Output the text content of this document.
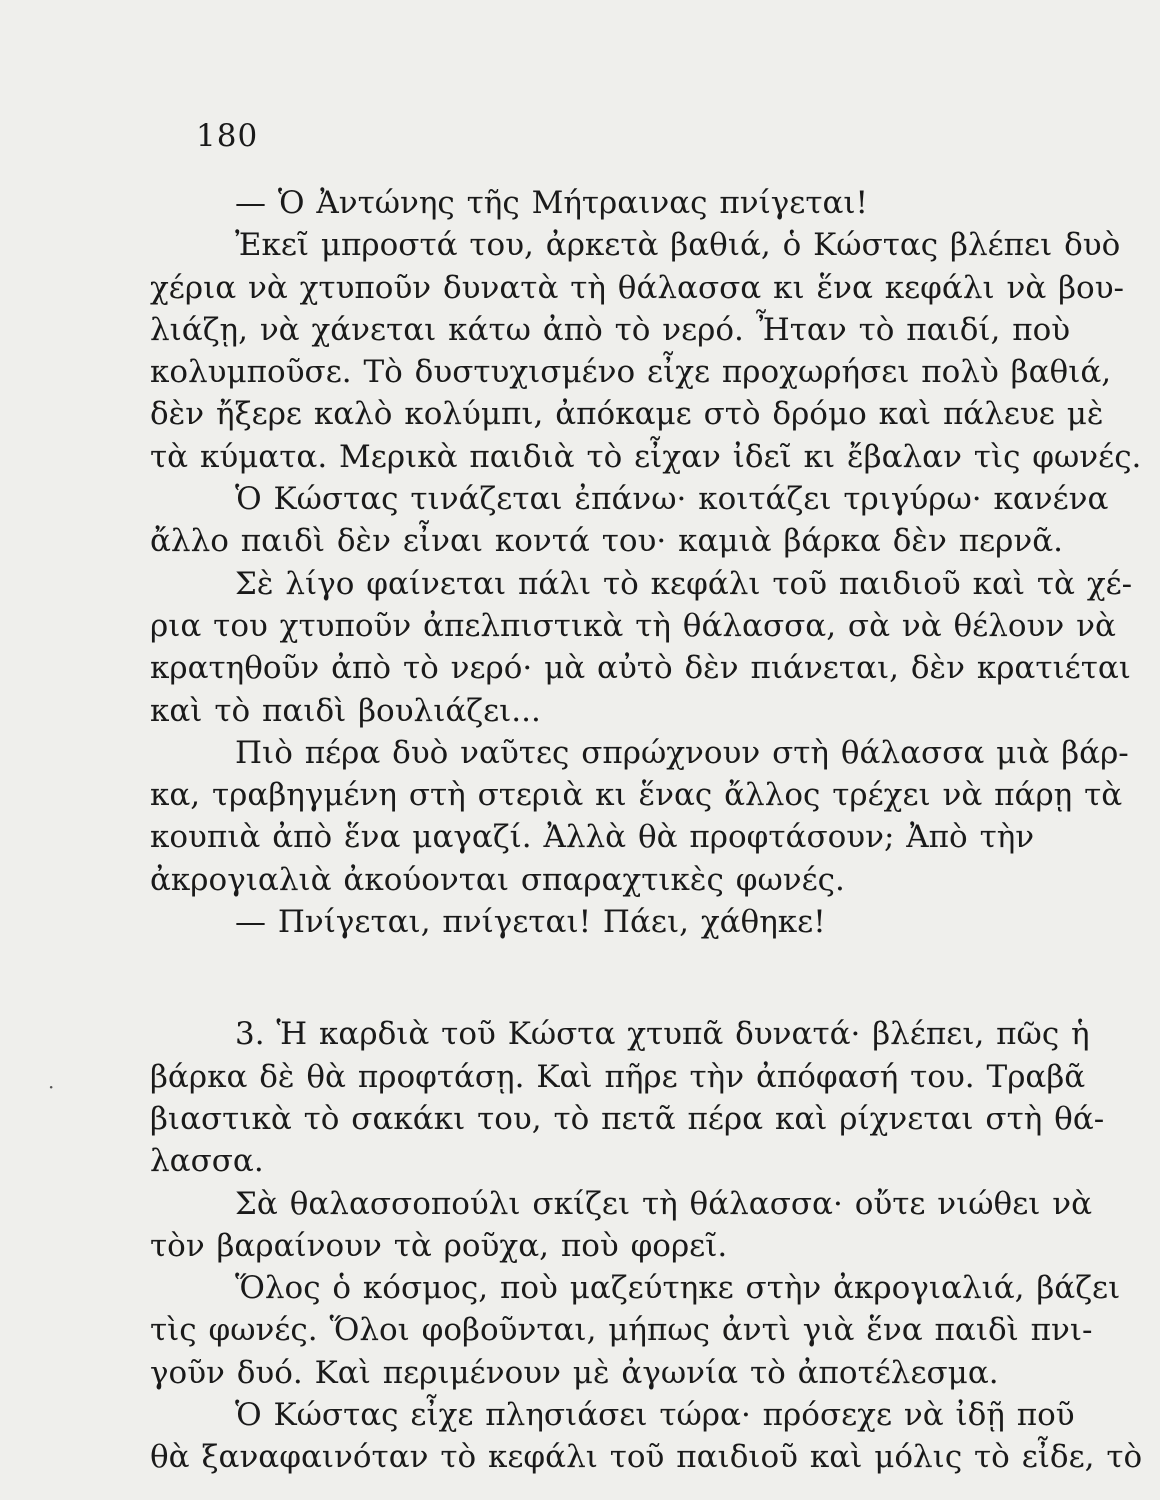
180
·
— Ὁ Ἀντώνης τῆς Μήτραινας πνίγεται!
Ἐκεῖ μπροστά του, ἀρκετὰ βαθιά, ὁ Κώστας βλέπει δυὸ
χέρια νὰ χτυποῦν δυνατὰ τὴ θάλασσα κι ἕνα κεφάλι νὰ βου-
λιάζῃ, νὰ χάνεται κάτω ἀπὸ τὸ νερό. Ἦταν τὸ παιδί, ποὺ
κολυμποῦσε. Τὸ δυστυχισμένο εἶχε προχωρήσει πολὺ βαθιά,
δὲν ἤξερε καλὸ κολύμπι, ἀπόκαμε στὸ δρόμο καὶ πάλευε μὲ
τὰ κύματα. Μερικὰ παιδιὰ τὸ εἶχαν ἰδεῖ κι ἔβαλαν τὶς φωνές.
Ὁ Κώστας τινάζεται ἐπάνω· κοιτάζει τριγύρω· κανένα
ἄλλο παιδὶ δὲν εἶναι κοντά του· καμιὰ βάρκα δὲν περνᾶ.
Σὲ λίγο φαίνεται πάλι τὸ κεφάλι τοῦ παιδιοῦ καὶ τὰ χέ-
ρια του χτυποῦν ἀπελπιστικὰ τὴ θάλασσα, σὰ νὰ θέλουν νὰ
κρατηθοῦν ἀπὸ τὸ νερό· μὰ αὐτὸ δὲν πιάνεται, δὲν κρατιέται
καὶ τὸ παιδὶ βουλιάζει...
Πιὸ πέρα δυὸ ναῦτες σπρώχνουν στὴ θάλασσα μιὰ βάρ-
κα, τραβηγμένη στὴ στεριὰ κι ἕνας ἄλλος τρέχει νὰ πάρῃ τὰ
κουπιὰ ἀπὸ ἕνα μαγαζί. Ἀλλὰ θὰ προφτάσουν; Ἀπὸ τὴν
ἀκρογιαλιὰ ἀκούονται σπαραχτικὲς φωνές.
— Πνίγεται, πνίγεται! Πάει, χάθηκε!
3. Ἡ καρδιὰ τοῦ Κώστα χτυπᾶ δυνατά· βλέπει, πῶς ἡ
βάρκα δὲ θὰ προφτάσῃ. Καὶ πῆρε τὴν ἀπόφασή του. Τραβᾶ
βιαστικὰ τὸ σακάκι του, τὸ πετᾶ πέρα καὶ ρίχνεται στὴ θά-
λασσα.
Σὰ θαλασσοπούλι σκίζει τὴ θάλασσα· οὔτε νιώθει νὰ
τὸν βαραίνουν τὰ ροῦχα, ποὺ φορεῖ.
Ὅλος ὁ κόσμος, ποὺ μαζεύτηκε στὴν ἀκρογιαλιά, βάζει
τὶς φωνές. Ὅλοι φοβοῦνται, μήπως ἀντὶ γιὰ ἕνα παιδὶ πνι-
γοῦν δυό. Καὶ περιμένουν μὲ ἀγωνία τὸ ἀποτέλεσμα.
Ὁ Κώστας εἶχε πλησιάσει τώρα· πρόσεχε νὰ ἰδῇ ποῦ
θὰ ξαναφαινόταν τὸ κεφάλι τοῦ παιδιοῦ καὶ μόλις τὸ εἶδε, τὸ
